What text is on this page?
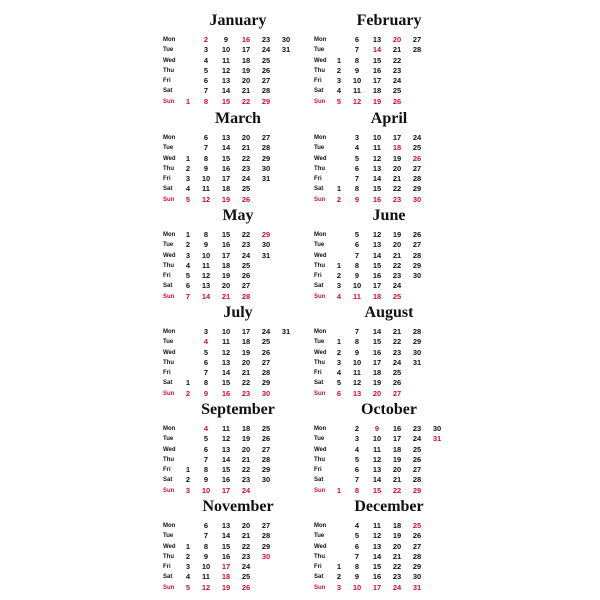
January
Mon	2	9	16	23	30
Tue	3	10	17	24	31
Wed	4	11	18	25
Thu	5	12	19	26
Fri	6	13	20	27
Sat	7	14	21	28
Sun	1	8	15	22	29
February
Mon	6	13	20	27
Tue	7	14	21	28
Wed	1	8	15	22
Thu	2	9	16	23
Fri	3	10	17	24
Sat	4	11	18	25
Sun	5	12	19	26
March
Mon	6	13	20	27
Tue	7	14	21	28
Wed	1	8	15	22	29
Thu	2	9	16	23	30
Fri	3	10	17	24	31
Sat	4	11	18	25
Sun	5	12	19	26
April
Mon	3	10	17	24
Tue	4	11	18	25
Wed	5	12	19	26
Thu	6	13	20	27
Fri	7	14	21	28
Sat	1	8	15	22	29
Sun	2	9	16	23	30
May
Mon	1	8	15	22	29
Tue	2	9	16	23	30
Wed	3	10	17	24	31
Thu	4	11	18	25
Fri	5	12	19	26
Sat	6	13	20	27
Sun	7	14	21	28
June
Mon	5	12	19	26
Tue	6	13	20	27
Wed	7	14	21	28
Thu	1	8	15	22	29
Fri	2	9	16	23	30
Sat	3	10	17	24
Sun	4	11	18	25
July
Mon	3	10	17	24	31
Tue	4	11	18	25
Wed	5	12	19	26
Thu	6	13	20	27
Fri	7	14	21	28
Sat	1	8	15	22	29
Sun	2	9	16	23	30
August
Mon	7	14	21	28
Tue	1	8	15	22	29
Wed	2	9	16	23	30
Thu	3	10	17	24	31
Fri	4	11	18	25
Sat	5	12	19	26
Sun	6	13	20	27
September
Mon	4	11	18	25
Tue	5	12	19	26
Wed	6	13	20	27
Thu	7	14	21	28
Fri	1	8	15	22	29
Sat	2	9	16	23	30
Sun	3	10	17	24
October
Mon	2	9	16	23	30
Tue	3	10	17	24	31
Wed	4	11	18	25
Thu	5	12	19	26
Fri	6	13	20	27
Sat	7	14	21	28
Sun	1	8	15	22	29
November
Mon	6	13	20	27
Tue	7	14	21	28
Wed	1	8	15	22	29
Thu	2	9	16	23	30
Fri	3	10	17	24
Sat	4	11	18	25
Sun	5	12	19	26
December
Mon	4	11	18	25
Tue	5	12	19	26
Wed	6	13	20	27
Thu	7	14	21	28
Fri	1	8	15	22	29
Sat	2	9	16	23	30
Sun	3	10	17	24	31
